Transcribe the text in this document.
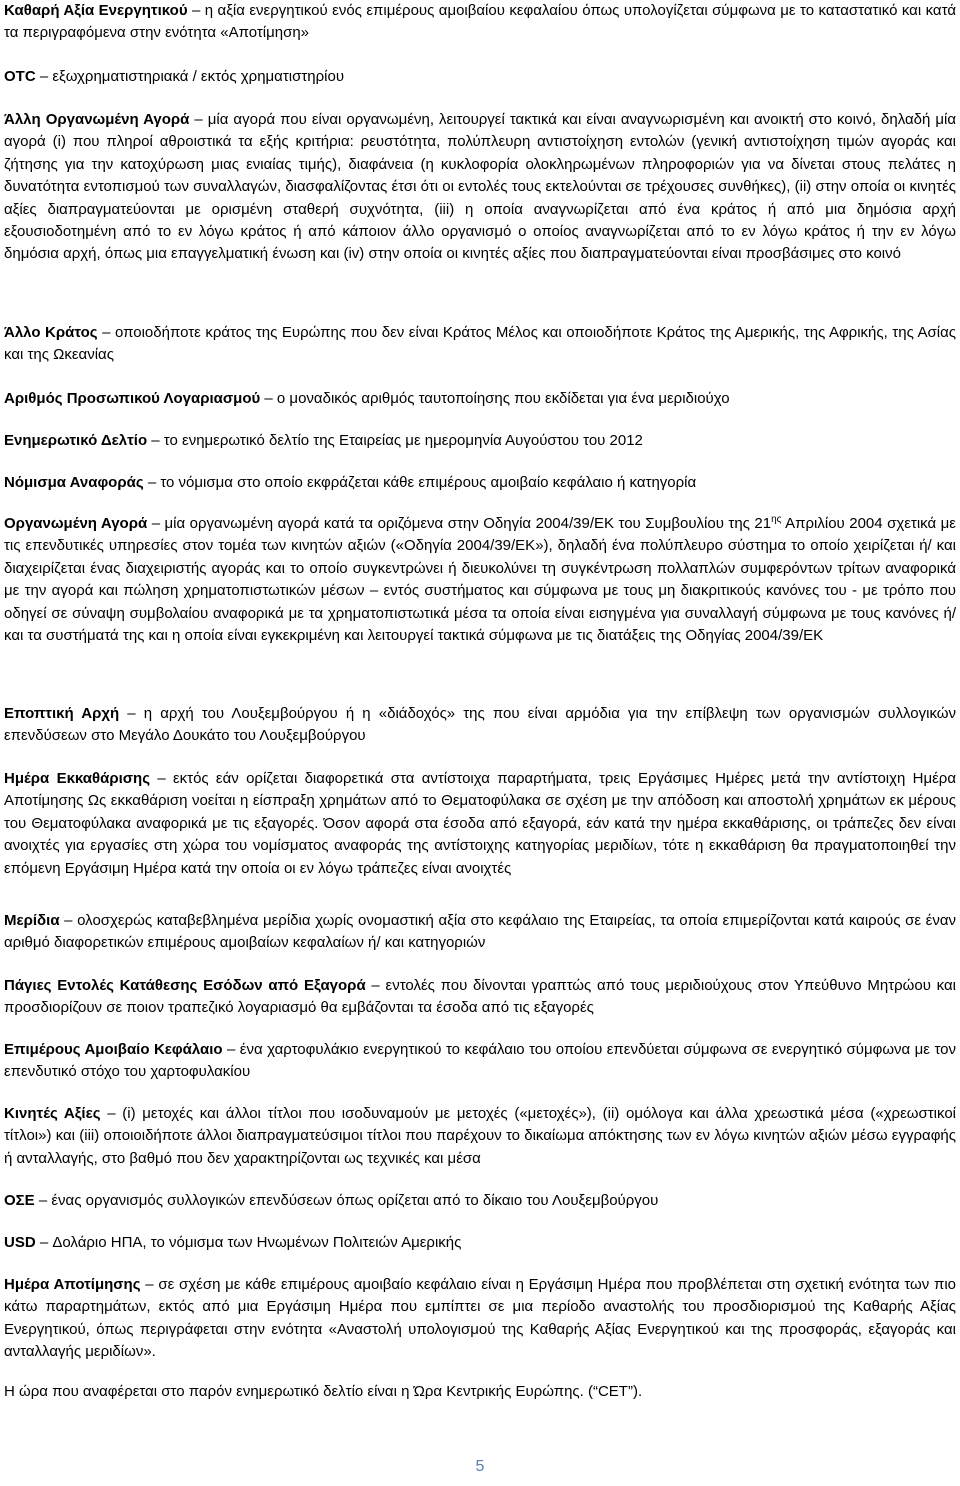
Καθαρή Αξία Ενεργητικού – η αξία ενεργητικού ενός επιμέρους αμοιβαίου κεφαλαίου όπως υπολογίζεται σύμφωνα με το καταστατικό και κατά τα περιγραφόμενα στην ενότητα «Αποτίμηση»

OTC – εξωχρηματιστηριακά / εκτός χρηματιστηρίου

Άλλη Οργανωμένη Αγορά – μία αγορά που είναι οργανωμένη, λειτουργεί τακτικά και είναι αναγνωρισμένη και ανοικτή στο κοινό, δηλαδή μία αγορά (i) που πληροί αθροιστικά τα εξής κριτήρια: ρευστότητα, πολύπλευρη αντιστοίχηση εντολών (γενική αντιστοίχηση τιμών αγοράς και ζήτησης για την κατοχύρωση μιας ενιαίας τιμής), διαφάνεια (η κυκλοφορία ολοκληρωμένων πληροφοριών για να δίνεται στους πελάτες η δυνατότητα εντοπισμού των συναλλαγών, διασφαλίζοντας έτσι ότι οι εντολές τους εκτελούνται σε τρέχουσες συνθήκες), (ii) στην οποία οι κινητές αξίες διαπραγματεύονται με ορισμένη σταθερή συχνότητα, (iii) η οποία αναγνωρίζεται από ένα κράτος ή από μια δημόσια αρχή εξουσιοδοτημένη από το εν λόγω κράτος ή από κάποιον άλλο οργανισμό ο οποίος αναγνωρίζεται από το εν λόγω κράτος ή την εν λόγω δημόσια αρχή, όπως μια επαγγελματική ένωση και (iv) στην οποία οι κινητές αξίες που διαπραγματεύονται είναι προσβάσιμες στο κοινό

Άλλο Κράτος – οποιοδήποτε κράτος της Ευρώπης που δεν είναι Κράτος Μέλος και οποιοδήποτε Κράτος της Αμερικής, της Αφρικής, της Ασίας και της Ωκεανίας

Αριθμός Προσωπικού Λογαριασμού – ο μοναδικός αριθμός ταυτοποίησης που εκδίδεται για ένα μεριδιούχο

Ενημερωτικό Δελτίο – το ενημερωτικό δελτίο της Εταιρείας με ημερομηνία Αυγούστου του 2012

Νόμισμα Αναφοράς – το νόμισμα στο οποίο εκφράζεται κάθε επιμέρους αμοιβαίο κεφάλαιο ή κατηγορία

Οργανωμένη Αγορά – μία οργανωμένη αγορά κατά τα οριζόμενα στην Οδηγία 2004/39/ΕΚ του Συμβουλίου της $21^{\eta\varsigma}$ Απριλίου 2004 σχετικά με τις επενδυτικές υπηρεσίες στον τομέα των κινητών αξιών («Οδηγία 2004/39/ΕΚ»), δηλαδή ένα πολύπλευρο σύστημα το οποίο χειρίζεται ή/ και διαχειρίζεται ένας διαχειριστής αγοράς και το οποίο συγκεντρώνει ή διευκολύνει τη συγκέντρωση πολλαπλών συμφερόντων τρίτων αναφορικά με την αγορά και πώληση χρηματοπιστωτικών μέσων – εντός συστήματος και σύμφωνα με τους μη διακριτικούς κανόνες του - με τρόπο που οδηγεί σε σύναψη συμβολαίου αναφορικά με τα χρηματοπιστωτικά μέσα τα οποία είναι εισηγμένα για συναλλαγή σύμφωνα με τους κανόνες ή/ και τα συστήματά της και η οποία είναι εγκεκριμένη και λειτουργεί τακτικά σύμφωνα με τις διατάξεις της Οδηγίας 2004/39/ΕΚ

Εποπτική Αρχή – η αρχή του Λουξεμβούργου ή η «διάδοχός» της που είναι αρμόδια για την επίβλεψη των οργανισμών συλλογικών επενδύσεων στο Μεγάλο Δουκάτο του Λουξεμβούργου

Ημέρα Εκκαθάρισης – εκτός εάν ορίζεται διαφορετικά στα αντίστοιχα παραρτήματα, τρεις Εργάσιμες Ημέρες μετά την αντίστοιχη Ημέρα Αποτίμησης Ως εκκαθάριση νοείται η είσπραξη χρημάτων από το Θεματοφύλακα σε σχέση με την απόδοση και αποστολή χρημάτων εκ μέρους του Θεματοφύλακα αναφορικά με τις εξαγορές. Όσον αφορά στα έσοδα από εξαγορά, εάν κατά την ημέρα εκκαθάρισης, οι τράπεζες δεν είναι ανοιχτές για εργασίες στη χώρα του νομίσματος αναφοράς της αντίστοιχης κατηγορίας μεριδίων, τότε η εκκαθάριση θα πραγματοποιηθεί την επόμενη Εργάσιμη Ημέρα κατά την οποία οι εν λόγω τράπεζες είναι ανοιχτές

Μερίδια – ολοσχερώς καταβεβλημένα μερίδια χωρίς ονομαστική αξία στο κεφάλαιο της Εταιρείας, τα οποία επιμερίζονται κατά καιρούς σε έναν αριθμό διαφορετικών επιμέρους αμοιβαίων κεφαλαίων ή/ και κατηγοριών

Πάγιες Εντολές Κατάθεσης Εσόδων από Εξαγορά – εντολές που δίνονται γραπτώς από τους μεριδιούχους στον Υπεύθυνο Μητρώου και προσδιορίζουν σε ποιον τραπεζικό λογαριασμό θα εμβάζονται τα έσοδα από τις εξαγορές

Επιμέρους Αμοιβαίο Κεφάλαιο – ένα χαρτοφυλάκιο ενεργητικού το κεφάλαιο του οποίου επενδύεται σύμφωνα σε ενεργητικό σύμφωνα με τον επενδυτικό στόχο του χαρτοφυλακίου

Κινητές Αξίες – (i) μετοχές και άλλοι τίτλοι που ισοδυναμούν με μετοχές («μετοχές»), (ii) ομόλογα και άλλα χρεωστικά μέσα («χρεωστικοί τίτλοι») και (iii) οποιοιδήποτε άλλοι διαπραγματεύσιμοι τίτλοι που παρέχουν το δικαίωμα απόκτησης των εν λόγω κινητών αξιών μέσω εγγραφής ή ανταλλαγής, στο βαθμό που δεν χαρακτηρίζονται ως τεχνικές και μέσα

ΟΣΕ – ένας οργανισμός συλλογικών επενδύσεων όπως ορίζεται από το δίκαιο του Λουξεμβούργου

USD – Δολάριο ΗΠΑ, το νόμισμα των Ηνωμένων Πολιτειών Αμερικής

Ημέρα Αποτίμησης – σε σχέση με κάθε επιμέρους αμοιβαίο κεφάλαιο είναι η Εργάσιμη Ημέρα που προβλέπεται στη σχετική ενότητα των πιο κάτω παραρτημάτων, εκτός από μια Εργάσιμη Ημέρα που εμπίπτει σε μια περίοδο αναστολής του προσδιορισμού της Καθαρής Αξίας Ενεργητικού, όπως περιγράφεται στην ενότητα «Αναστολή υπολογισμού της Καθαρής Αξίας Ενεργητικού και της προσφοράς, εξαγοράς και ανταλλαγής μεριδίων».

Η ώρα που αναφέρεται στο παρόν ενημερωτικό δελτίο είναι η Ώρα Κεντρικής Ευρώπης. (“CET”).

5
